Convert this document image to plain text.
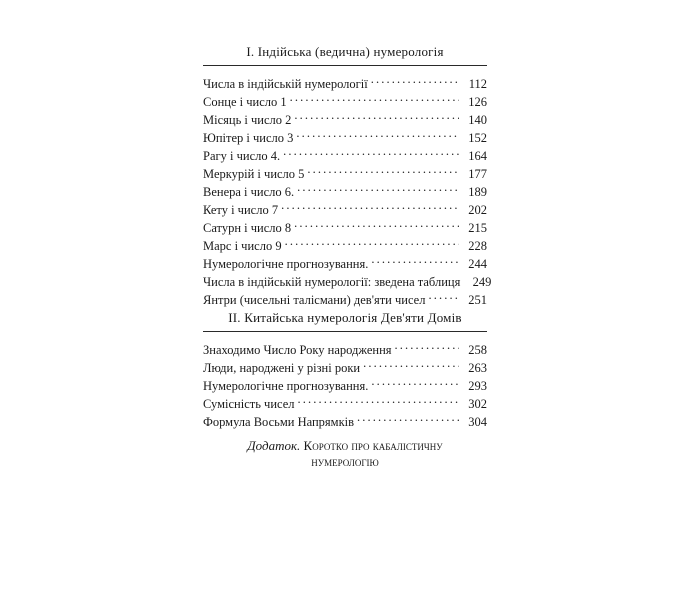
I. Індійська (ведична) нумерологія

Числа в індійській нумерології . . .	112
Сонце і число 1 . . .	126
Місяць і число 2 . . .	140
Юпітер і число 3 . . .	152
Рагу і число 4. . . .	164
Меркурій і число 5 . . .	177
Венера і число 6. . . .	189
Кету і число 7 . . .	202
Сатурн і число 8 . . .	215
Марс і число 9 . . .	228
Нумерологічне прогнозування. . . .	244
Числа в індійській нумерології: зведена таблиця 249
Янтри (чисельні талісмани) дев'яти чисел . . .	251

II. Китайська нумерологія Дев'яти Домів

Знаходимо Число Року народження . . .	258
Люди, народжені у різні роки . . .	263
Нумерологічне прогнозування. . . .	293
Сумісність чисел . . .	302
Формула Восьми Напрямків . . .	304
Додаток. Коротко про кабалістичну
нумерологію
